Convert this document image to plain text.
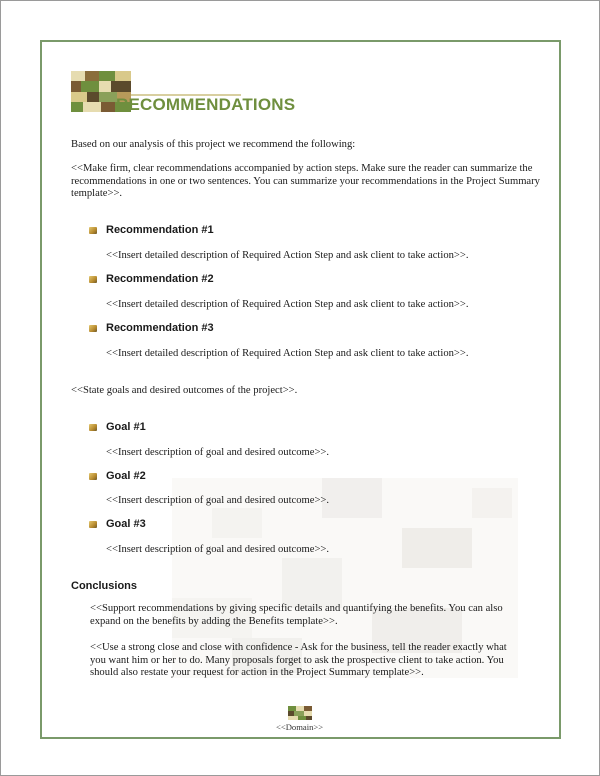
RECOMMENDATIONS
Based on our analysis of this project we recommend the following:
<<Make firm, clear recommendations accompanied by action steps. Make sure the reader can summarize the recommendations in one or two sentences. You can summarize your recommendations in the Project Summary template>>.
Recommendation #1
<<Insert detailed description of Required Action Step and ask client to take action>>.
Recommendation #2
<<Insert detailed description of Required Action Step and ask client to take action>>.
Recommendation #3
<<Insert detailed description of Required Action Step and ask client to take action>>.
<<State goals and desired outcomes of the project>>.
Goal #1
<<Insert description of goal and desired outcome>>.
Goal #2
<<Insert description of goal and desired outcome>>.
Goal #3
<<Insert description of goal and desired outcome>>.
Conclusions
<<Support recommendations by giving specific details and quantifying the benefits. You can also expand on the benefits by adding the Benefits template>>.
<<Use a strong close and close with confidence - Ask for the business, tell the reader exactly what you want him or her to do. Many proposals forget to ask the prospective client to take action. You should also restate your request for action in the Project Summary template>>.
<<Domain>>
